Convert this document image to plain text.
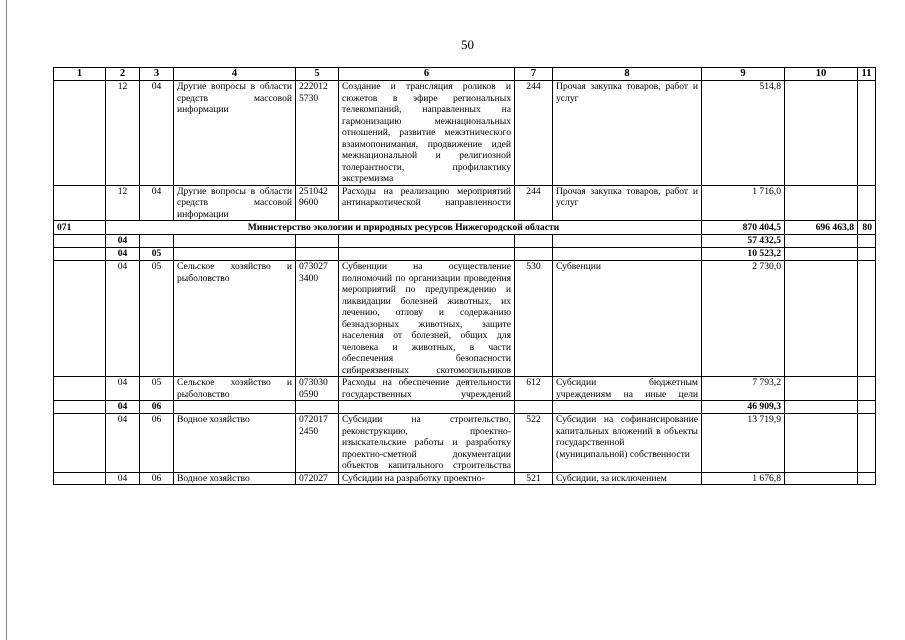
50
1	2	3	4	5	6	7	8	9	10	11
	12	04	Другие вопросы в области средств массовой информации	222012 5730	Создание и трансляция роликов и сюжетов в эфире региональных телекомпаний, направленных на гармонизацию межнациональных отношений, развитие межэтнического взаимопонимания, продвижение идей межнациональной и религиозной толерантности, профилактику экстремизма	244	Прочая закупка товаров, работ и услуг	514,8		
	12	04	Другие вопросы в области средств массовой информации	251042 9600	Расходы на реализацию мероприятий антинаркотической направленности	244	Прочая закупка товаров, работ и услуг	1 716,0		
071	Министерство экологии и природных ресурсов Нижегородской области							870 404,5	696 463,8	80
	04							57 432,5		
	04	05						10 523,2		
	04	05	Сельское хозяйство и рыболовство	073027 3400	Субвенции на осуществление полномочий по организации проведения мероприятий по предупреждению и ликвидации болезней животных, их лечению, отлову и содержанию безнадзорных животных, защите населения от болезней, общих для человека и животных, в части обеспечения безопасности сибиреязвенных скотомогильников	530	Субвенции	2 730,0		
	04	05	Сельское хозяйство и рыболовство	073030 0590	Расходы на обеспечение деятельности государственных учреждений	612	Субсидии бюджетным учреждениям на иные цели	7 793,2		
	04	06						46 909,3		
	04	06	Водное хозяйство	072017 2450	Субсидии на строительство, реконструкцию, проектно-изыскательские работы и разработку проектно-сметной документации объектов капитального строительства	522	Субсидии на софинансирование капитальных вложений в объекты государственной (муниципальной) собственности	13 719,9		
	04	06	Водное хозяйство	072027	Субсидии на разработку проектно-	521	Субсидии, за исключением	1 676,8		
